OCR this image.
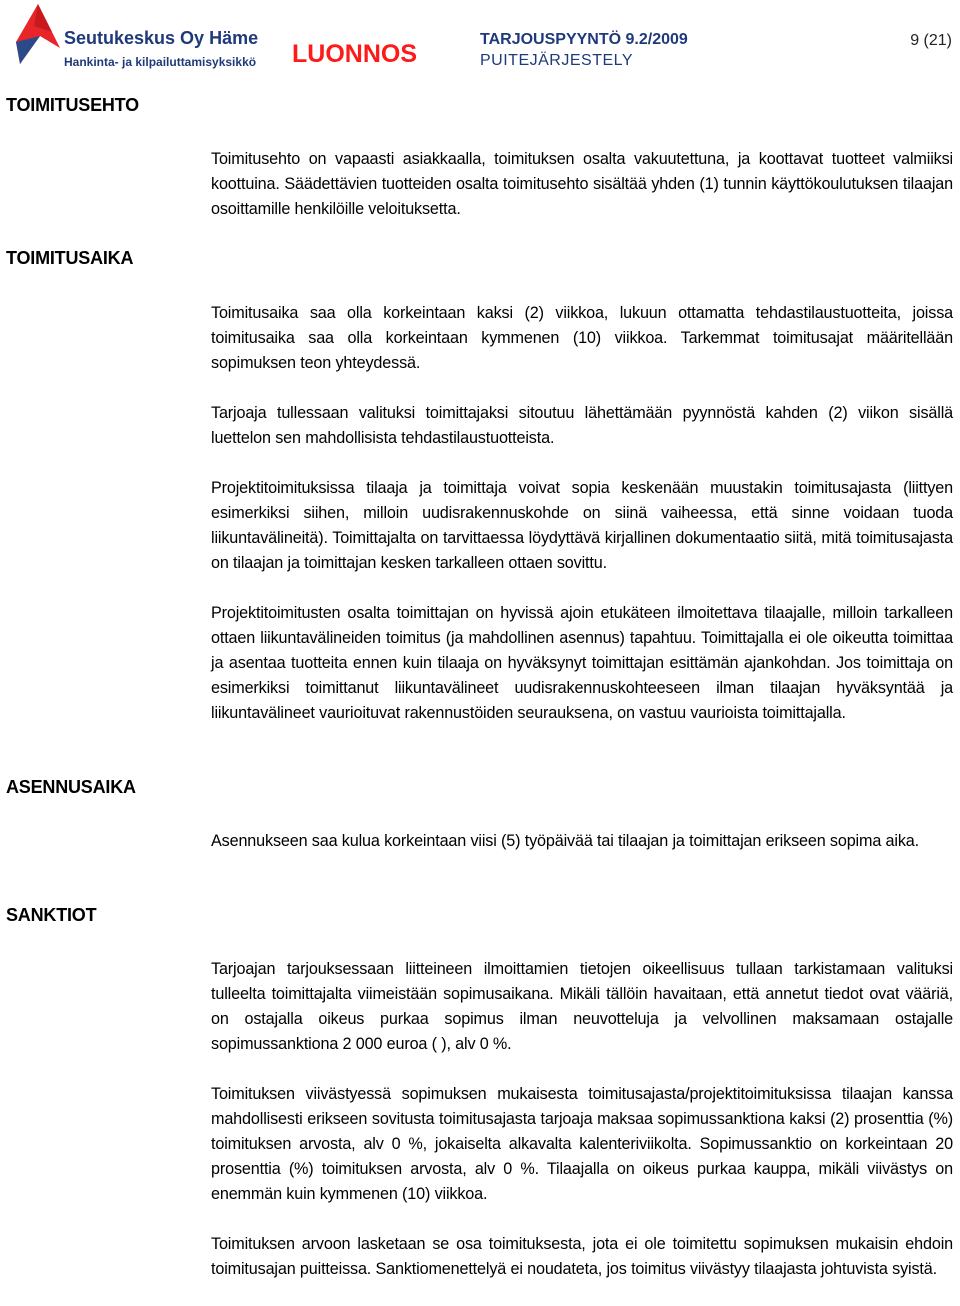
Seutukeskus Oy Häme
Hankinta- ja kilpailuttamisyksikkö LUONNOS
TARJOUSPYYNTÖ 9.2/2009
PUITEJÄRJESTELY
9 (21)
TOIMITUSEHTO

Toimitusehto on vapaasti asiakkaalla, toimituksen osalta vakuutettuna, ja koottavat tuotteet valmiiksi koottuina. Säädettävien tuotteiden osalta toimitusehto sisältää yhden (1) tunnin käyttökoulutuksen tilaajan osoittamille henkilöille veloituksetta.

TOIMITUSAIKA

Toimitusaika saa olla korkeintaan kaksi (2) viikkoa, lukuun ottamatta tehdastilaustuotteita, joissa toimitusaika saa olla korkeintaan kymmenen (10) viikkoa. Tarkemmat toimitusajat määritellään sopimuksen teon yhteydessä.

Tarjoaja tullessaan valituksi toimittajaksi sitoutuu lähettämään pyynnöstä kahden (2) viikon sisällä luettelon sen mahdollisista tehdastilaustuotteista.

Projektitoimituksissa tilaaja ja toimittaja voivat sopia keskenään muustakin toimitusajasta (liittyen esimerkiksi siihen, milloin uudisrakennuskohde on siinä vaiheessa, että sinne voidaan tuoda liikuntavälineitä). Toimittajalta on tarvittaessa löydyttävä kirjallinen dokumentaatio siitä, mitä toimitusajasta on tilaajan ja toimittajan kesken tarkalleen ottaen sovittu.

Projektitoimitusten osalta toimittajan on hyvissä ajoin etukäteen ilmoitettava tilaajalle, milloin tarkalleen ottaen liikuntavälineiden toimitus (ja mahdollinen asennus) tapahtuu. Toimittajalla ei ole oikeutta toimittaa ja asentaa tuotteita ennen kuin tilaaja on hyväksynyt toimittajan esittämän ajankohdan. Jos toimittaja on esimerkiksi toimittanut liikuntavälineet uudisrakennuskohteeseen ilman tilaajan hyväksyntää ja liikuntavälineet vaurioituvat rakennustöiden seurauksena, on vastuu vaurioista toimittajalla.

ASENNUSAIKA

Asennukseen saa kulua korkeintaan viisi (5) työpäivää tai tilaajan ja toimittajan erikseen sopima aika.

SANKTIOT

Tarjoajan tarjouksessaan liitteineen ilmoittamien tietojen oikeellisuus tullaan tarkistamaan valituksi tulleelta toimittajalta viimeistään sopimusaikana. Mikäli tällöin havaitaan, että annetut tiedot ovat vääriä, on ostajalla oikeus purkaa sopimus ilman neuvotteluja ja velvollinen maksamaan ostajalle sopimussanktiona 2 000 euroa ( ), alv 0 %.

Toimituksen viivästyessä sopimuksen mukaisesta toimitusajasta/projektitoimituksissa tilaajan kanssa mahdollisesti erikseen sovitusta toimitusajasta tarjoaja maksaa sopimussanktiona kaksi (2) prosenttia (%) toimituksen arvosta, alv 0 %, jokaiselta alkavalta kalenteriviikolta. Sopimussanktio on korkeintaan 20 prosenttia (%) toimituksen arvosta, alv 0 %. Tilaajalla on oikeus purkaa kauppa, mikäli viivästys on enemmän kuin kymmenen (10) viikkoa.

Toimituksen arvoon lasketaan se osa toimituksesta, jota ei ole toimitettu sopimuksen mukaisin ehdoin toimitusajan puitteissa. Sanktiomenettelyä ei noudateta, jos toimitus viivästyy tilaajasta johtuvista syistä.
